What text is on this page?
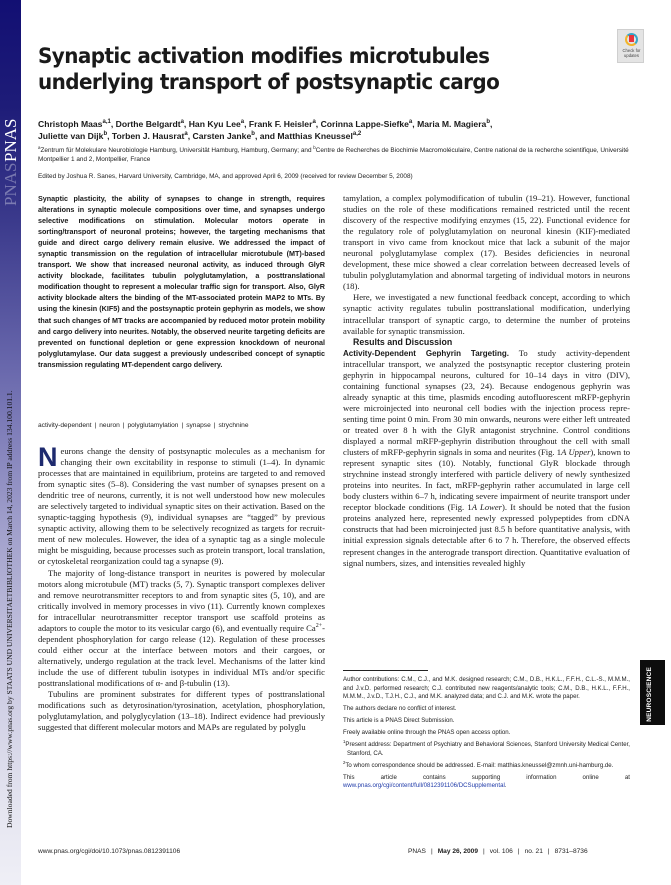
PNAS
PNAS
Downloaded from https://www.pnas.org by STAATS UND UNIVERSITAETBIBLIOTHEK on March 14, 2023 from IP address 134.100.101.1.
Check for
updates
Synaptic activation modifies microtubules underlying transport of postsynaptic cargo
Christoph Maas$^{a,1}$, Dorthe Belgardt$^a$, Han Kyu Lee$^a$, Frank F. Heisler$^a$, Corinna Lappe-Siefke$^a$, Maria M. Magiera$^b$,
Juliette van Dijk$^b$, Torben J. Hausrat$^a$, Carsten Janke$^b$, and Matthias Kneussel$^{a,2}$
$^a$Zentrum für Molekulare Neurobiologie Hamburg, Universität Hamburg, Hamburg, Germany; and $^b$Centre de Recherches de Biochimie Macromoléculaire, Centre national de la recherche scientifique, Université Montpellier 1 and 2, Montpellier, France
Edited by Joshua R. Sanes, Harvard University, Cambridge, MA, and approved April 6, 2009 (received for review December 5, 2008)
Synaptic plasticity, the ability of synapses to change in strength, requires alterations in synaptic molecule compositions over time, and synapses undergo selective modifications on stimulation. Molecular motors operate in sorting/transport of neuronal proteins; however, the targeting mechanisms that guide and direct cargo delivery remain elusive. We addressed the impact of synaptic transmission on the regulation of intracellular microtubule (MT)-based transport. We show that increased neuronal activity, as induced through GlyR activity blockade, facilitates tubulin polyglutamylation, a posttranslational modification thought to represent a molecular traffic sign for transport. Also, GlyR activity blockade alters the binding of the MT-associated protein MAP2 to MTs. By using the kinesin (KIF5) and the postsynaptic protein gephyrin as models, we show that such changes of MT tracks are accompanied by reduced motor protein mobility and cargo delivery into neurites. Notably, the observed neurite targeting deficits are prevented on functional depletion or gene expression knockdown of neuronal polyglutamylase. Our data suggest a previously undescribed concept of synaptic transmission regulating MT-dependent cargo delivery.
activity-dependent | neuron | polyglutamylation | synapse | strychnine

Neurons change the density of postsynaptic molecules as a mechanism for changing their own excitability in response to stimuli (1–4). In dynamic processes that are maintained in equilibrium, proteins are targeted to and removed from synaptic sites (5–8). Considering the vast number of synapses present on a dendritic tree of neurons, currently, it is not well understood how new molecules are selectively targeted to individual synaptic sites on their activation. Based on the synaptic-tagging hypothesis (9), individual synapses are “tagged” by previous synaptic activity, allowing them to be selectively recognized as targets for recruitment of new molecules. However, the idea of a synaptic tag as a single molecule might be misguiding, because processes such as protein transport, local translation, or cytoskeletal reorganization could tag a synapse (9).

The majority of long-distance transport in neurites is powered by molecular motors along microtubule (MT) tracks (5, 7). Synaptic transport complexes deliver and remove neurotransmitter receptors to and from synaptic sites (5, 10), and are critically involved in memory processes in vivo (11). Currently known complexes for intracellular neurotransmitter receptor transport use scaffold proteins as adaptors to couple the motor to its vesicular cargo (6), and eventually require $Ca^{2+}$-dependent phosphorylation for cargo release (12). Regulation of these processes could either occur at the interface between motors and their cargoes, or alternatively, undergo regulation at the track level. Mechanisms of the latter kind include the use of different tubulin isotypes in individual MTs and/or specific posttranslational modifications of α- and β-tubulin (13).

Tubulins are prominent substrates for different types of posttranslational modifications such as detyrosination/tyrosination, acetylation, phosphorylation, polyglutamylation, and polyglycylation (13–18). Indirect evidence had previously suggested that different molecular motors and MAPs are regulated by polyglu

tamylation, a complex polymodification of tubulin (19–21). However, functional studies on the role of these modifications remained restricted until the recent discovery of the respective modifying enzymes (15, 22). Functional evidence for the regulatory role of polyglutamylation on neuronal kinesin (KIF)-mediated transport in vivo came from knockout mice that lack a subunit of the major neuronal polyglutamylase complex (17). Besides deficiencies in neuronal development, these mice showed a clear correlation between decreased levels of tubulin polyglutamylation and abnormal targeting of individual motors in neurons (18).

Here, we investigated a new functional feedback concept, according to which synaptic activity regulates tubulin posttranslational modification, underlying intracellular transport of synaptic cargo, to determine the number of proteins available for synaptic transmission.

Results and Discussion

Activity-Dependent Gephyrin Targeting. To study activity-dependent intracellular transport, we analyzed the postsynaptic receptor clustering protein gephyrin in hippocampal neurons, cultured for 10–14 days in vitro (DIV), containing functional synapses (23, 24). Because endogenous gephyrin was already synaptic at this time, plasmids encoding autofluorescent mRFP-gephyrin were microinjected into neuronal cell bodies with the injection process representing time point 0 min. From 30 min onwards, neurons were either left untreated or treated over 8 h with the GlyR antagonist strychnine. Control conditions displayed a normal mRFP-gephyrin distribution throughout the cell with small clusters of mRFP-gephyrin signals in soma and neurites (Fig. 1A Upper), known to represent synaptic sites (10). Notably, functional GlyR blockade through strychnine instead strongly interfered with particle delivery of newly synthesized proteins into neurites. In fact, mRFP-gephyrin rather accumulated in large cell body clusters within 6–7 h, indicating severe impairment of neurite transport under receptor blockade conditions (Fig. 1A Lower). It should be noted that the fusion proteins analyzed here, represented newly expressed polypeptides from cDNA constructs that had been microinjected just 8.5 h before quantitative analysis, with initial expression signals detectable after 6 to 7 h. Therefore, the observed effects represent changes in the anterograde transport direction. Quantitative evaluation of signal numbers, sizes, and intensities revealed highly

Author contributions: C.M., C.J., and M.K. designed research; C.M., D.B., H.K.L., F.F.H., C.L.-S., M.M.M., and J.v.D. performed research; C.J. contributed new reagents/analytic tools; C.M., D.B., H.K.L., F.F.H., M.M.M., J.v.D., T.J.H., C.J., and M.K. analyzed data; and C.J. and M.K. wrote the paper.

The authors declare no conflict of interest.

This article is a PNAS Direct Submission.

Freely available online through the PNAS open access option.

$^1$Present address: Department of Psychiatry and Behavioral Sciences, Stanford University Medical Center, Stanford, CA.

$^2$To whom correspondence should be addressed. E-mail: matthias.kneussel@zmnh.uni-hamburg.de.

This article contains supporting information online at www.pnas.org/cgi/content/full/0812391106/DCSupplemental.

NEUROSCIENCE
www.pnas.org/cgi/doi/10.1073/pnas.0812391106	PNAS | May 26, 2009 | vol. 106 | no. 21 | 8731–8736
